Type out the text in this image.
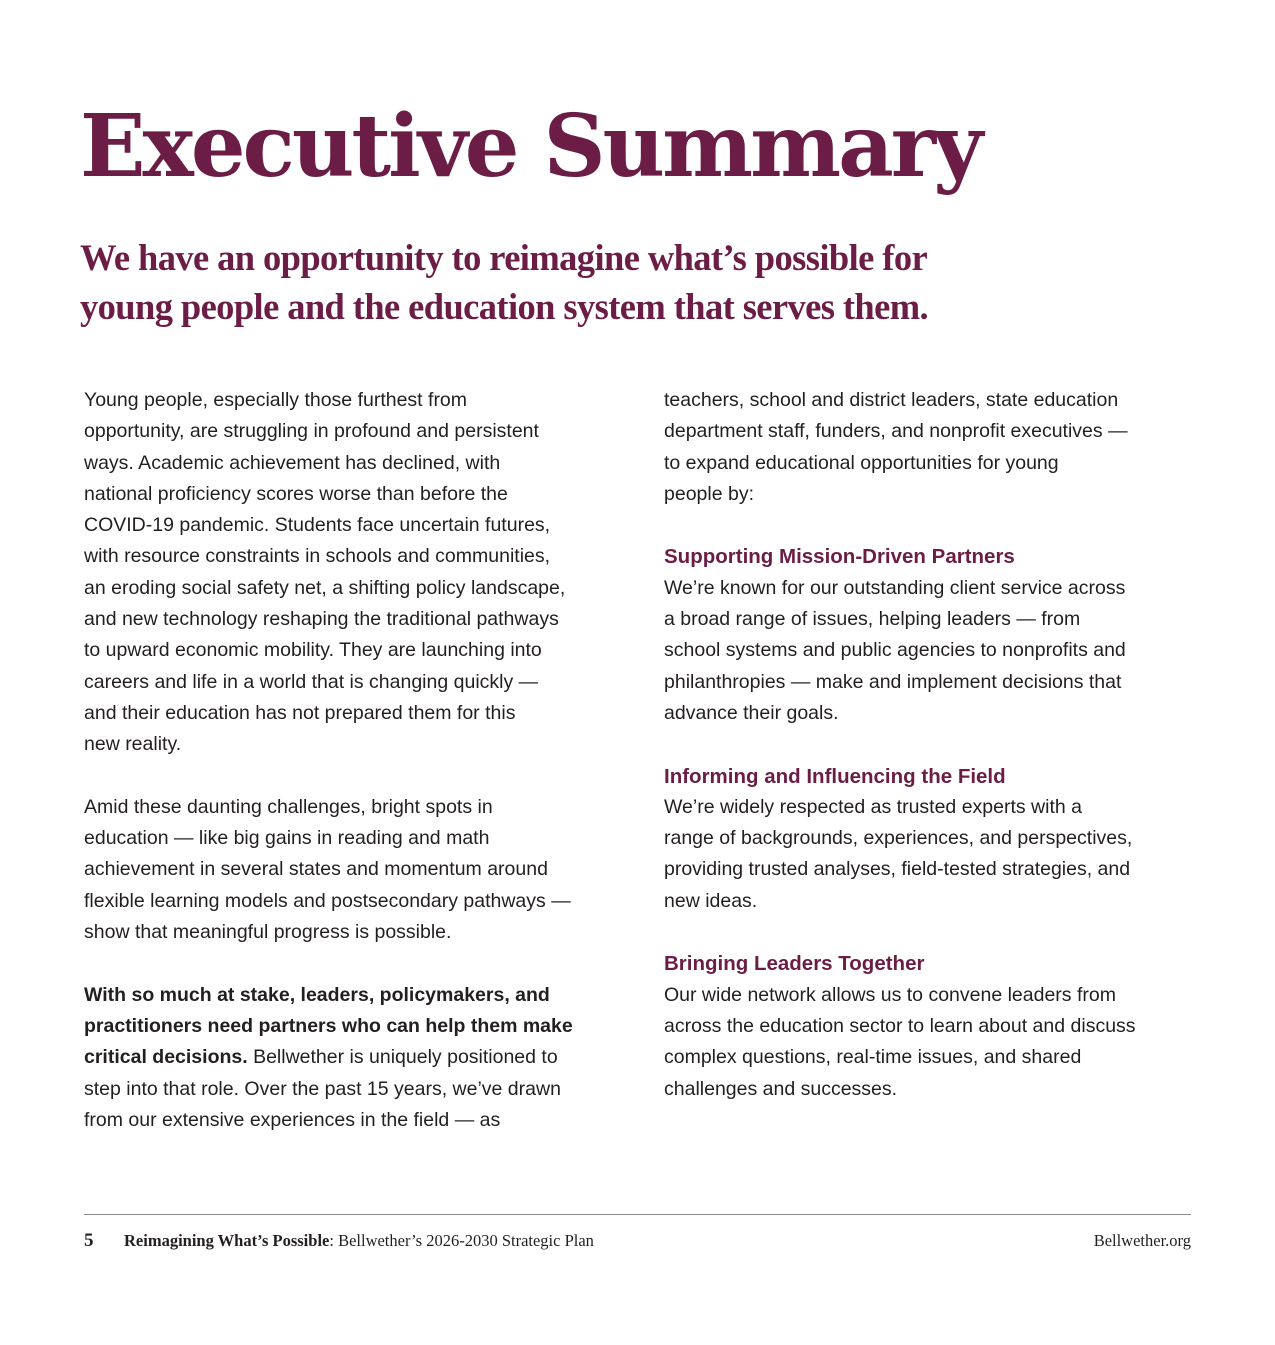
Executive Summary
We have an opportunity to reimagine what’s possible for
young people and the education system that serves them.

Young people, especially those furthest from
opportunity, are struggling in profound and persistent
ways. Academic achievement has declined, with
national proficiency scores worse than before the
COVID-19 pandemic. Students face uncertain futures,
with resource constraints in schools and communities,
an eroding social safety net, a shifting policy landscape,
and new technology reshaping the traditional pathways
to upward economic mobility. They are launching into
careers and life in a world that is changing quickly —
and their education has not prepared them for this
new reality.

Amid these daunting challenges, bright spots in
education — like big gains in reading and math
achievement in several states and momentum around
flexible learning models and postsecondary pathways —
show that meaningful progress is possible.

With so much at stake, leaders, policymakers, and
practitioners need partners who can help them make
critical decisions. Bellwether is uniquely positioned to
step into that role. Over the past 15 years, we’ve drawn
from our extensive experiences in the field — as

teachers, school and district leaders, state education
department staff, funders, and nonprofit executives —
to expand educational opportunities for young
people by:

Supporting Mission-Driven Partners

We’re known for our outstanding client service across
a broad range of issues, helping leaders — from
school systems and public agencies to nonprofits and
philanthropies — make and implement decisions that
advance their goals.

Informing and Influencing the Field

We’re widely respected as trusted experts with a
range of backgrounds, experiences, and perspectives,
providing trusted analyses, field-tested strategies, and
new ideas.

Bringing Leaders Together

Our wide network allows us to convene leaders from
across the education sector to learn about and discuss
complex questions, real-time issues, and shared
challenges and successes.

5 Reimagining What’s Possible: Bellwether’s 2026-2030 Strategic Plan	Bellwether.org
